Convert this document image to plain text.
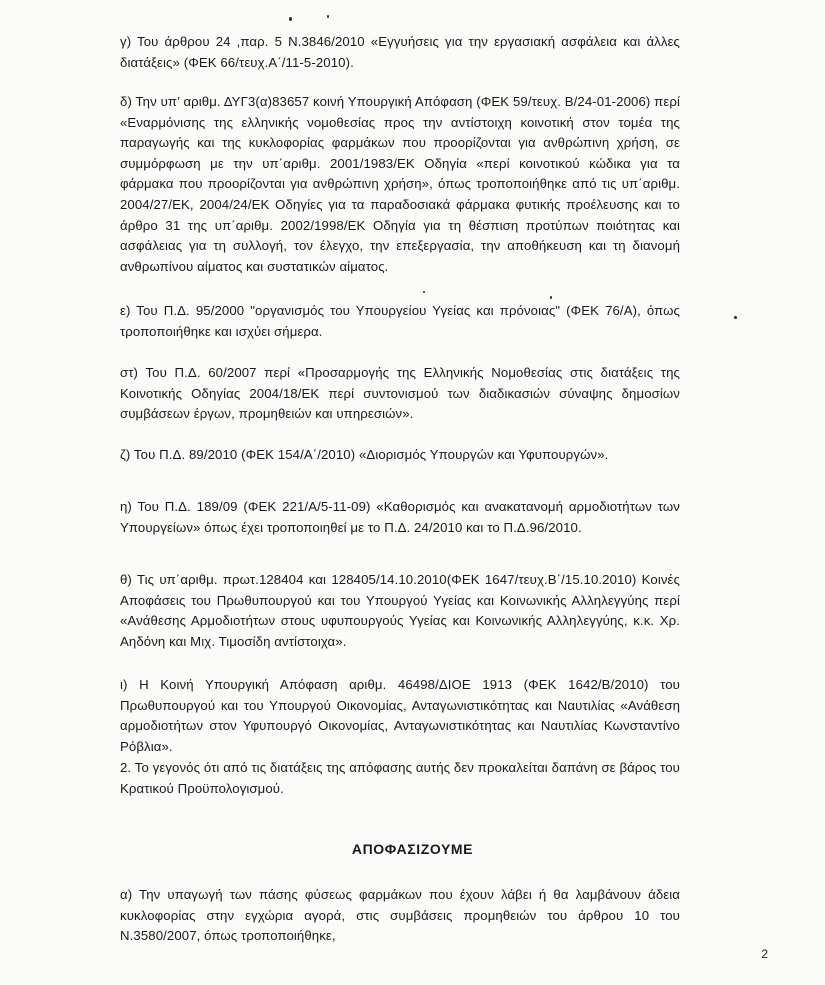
γ) Του άρθρου 24 ,παρ. 5 Ν.3846/2010 «Εγγυήσεις για την εργασιακή ασφάλεια και άλλες διατάξεις» (ΦΕΚ 66/τευχ.Α΄/11-5-2010).

δ) Την υπ’ αριθμ. ΔΥΓ3(α)83657 κοινή Υπουργική Απόφαση (ΦΕΚ 59/τευχ. Β/24-01-2006) περί «Εναρμόνισης της ελληνικής νομοθεσίας προς την αντίστοιχη κοινοτική στον τομέα της παραγωγής και της κυκλοφορίας φαρμάκων που προορίζονται για ανθρώπινη χρήση, σε συμμόρφωση με την υπ΄αριθμ. 2001/1983/ΕΚ Οδηγία «περί κοινοτικού κώδικα για τα φάρμακα που προορίζονται για ανθρώπινη χρήση», όπως τροποποιήθηκε από τις υπ΄αριθμ. 2004/27/ΕΚ, 2004/24/ΕΚ Οδηγίες για τα παραδοσιακά φάρμακα φυτικής προέλευσης και το άρθρο 31 της υπ΄αριθμ. 2002/1998/ΕΚ Οδηγία για τη θέσπιση προτύπων ποιότητας και ασφάλειας για τη συλλογή, τον έλεγχο, την επεξεργασία, την αποθήκευση και τη διανομή ανθρωπίνου αίματος και συστατικών αίματος.

ε) Του Π.Δ. 95/2000 "οργανισμός του Υπουργείου Υγείας και πρόνοιας" (ΦΕΚ 76/Α), όπως τροποποιήθηκε και ισχύει σήμερα.

στ) Του Π.Δ. 60/2007 περί «Προσαρμογής της Ελληνικής Νομοθεσίας στις διατάξεις της Κοινοτικής Οδηγίας 2004/18/ΕΚ περί συντονισμού των διαδικασιών σύναψης δημοσίων συμβάσεων έργων, προμηθειών και υπηρεσιών».

ζ) Του Π.Δ. 89/2010 (ΦΕΚ 154/Α΄/2010) «Διορισμός Υπουργών και Υφυπουργών».

η) Του Π.Δ. 189/09 (ΦΕΚ 221/Α/5-11-09) «Καθορισμός και ανακατανομή αρμοδιοτήτων των Υπουργείων» όπως έχει τροποποιηθεί με το Π.Δ. 24/2010 και το Π.Δ.96/2010.

θ) Τις υπ΄αριθμ. πρωτ.128404 και 128405/14.10.2010(ΦΕΚ 1647/τευχ.Β΄/15.10.2010) Κοινές Αποφάσεις του Πρωθυπουργού και του Υπουργού Υγείας και Κοινωνικής Αλληλεγγύης περί «Ανάθεσης Αρμοδιοτήτων στους υφυπουργούς Υγείας και Κοινωνικής Αλληλεγγύης, κ.κ. Χρ. Αηδόνη και Μιχ. Τιμοσίδη αντίστοιχα».

ι) Η Κοινή Υπουργική Απόφαση αριθμ. 46498/ΔΙΟΕ 1913 (ΦΕΚ 1642/Β/2010) του Πρωθυπουργού και του Υπουργού Οικονομίας, Ανταγωνιστικότητας και Ναυτιλίας «Ανάθεση αρμοδιοτήτων στον Υφυπουργό Οικονομίας, Ανταγωνιστικότητας και Ναυτιλίας Κωνσταντίνο Ρόβλια».

2. Το γεγονός ότι από τις διατάξεις της απόφασης αυτής δεν προκαλείται δαπάνη σε βάρος του Κρατικού Προϋπολογισμού.

ΑΠΟΦΑΣΙΖΟΥΜΕ

α) Την υπαγωγή των πάσης φύσεως φαρμάκων που έχουν λάβει ή θα λαμβάνουν άδεια κυκλοφορίας στην εγχώρια αγορά, στις συμβάσεις προμηθειών του άρθρου 10 του Ν.3580/2007, όπως τροποποιήθηκε,

2
